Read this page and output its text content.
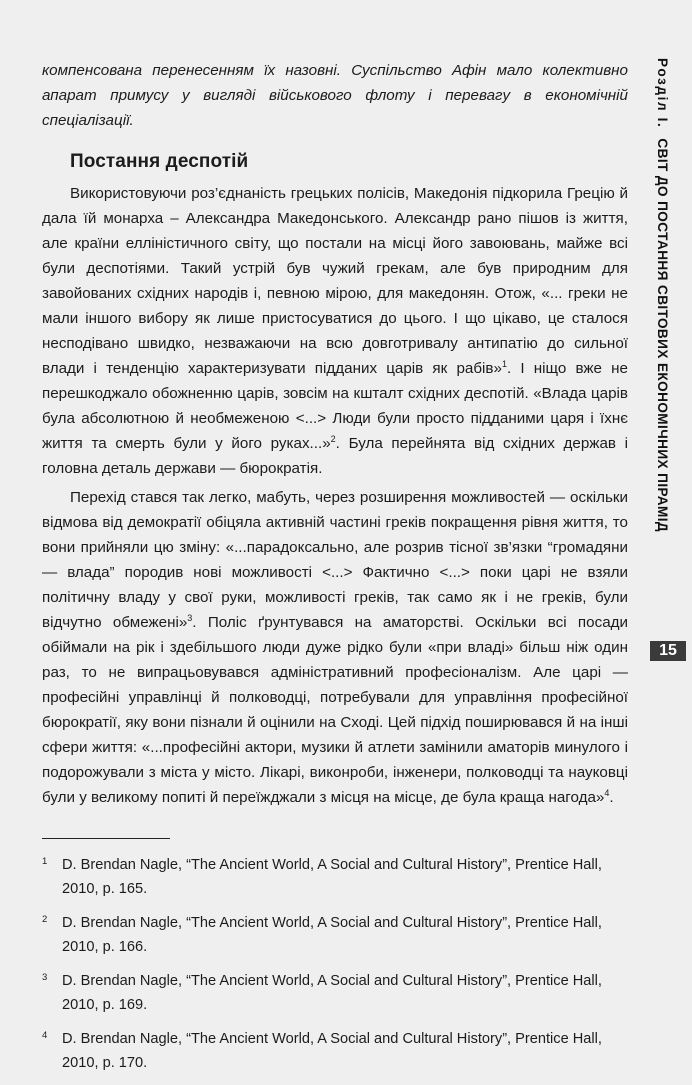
компенсована перенесенням їх назовні. Суспільство Афін мало колективно апарат примусу у вигляді військового флоту і перевагу в економічній спеціалізації.

Постання деспотій

Використовуючи роз’єднаність грецьких полісів, Македонія підкорила Грецію й дала їй монарха – Александра Македонського. Александр рано пішов із життя, але країни елліністичного світу, що постали на місці його завоювань, майже всі були деспотіями. Такий устрій був чужий грекам, але був природним для завойованих східних народів і, певною мірою, для македонян. Отож, «... греки не мали іншого вибору як лише пристосуватися до цього. І що цікаво, це сталося несподівано швидко, незважаючи на всю довготривалу антипатію до сильної влади і тенденцію характеризувати підданих царів як рабів»$^1$. І ніщо вже не перешкоджало обожненню царів, зовсім на кшталт східних деспотій. «Влада царів була абсолютною й необмеженою <...> Люди були просто підданими царя і їхнє життя та смерть були у його руках...»$^2$. Була перейнята від східних держав і головна деталь держави — бюрократія.

Перехід стався так легко, мабуть, через розширення можливостей — оскільки відмова від демократії обіцяла активній частині греків покращення рівня життя, то вони прийняли цю зміну: «...парадоксально, але розрив тісної зв’язки “громадяни — влада” породив нові можливості <...> Фактично <...> поки царі не взяли політичну владу у свої руки, можливості греків, так само як і не греків, були відчутно обмежені»$^3$. Поліс ґрунтувався на аматорстві. Оскільки всі посади обіймали на рік і здебільшого люди дуже рідко були «при владі» більш ніж один раз, то не випрацьовувався адміністративний професіоналізм. Але царі — професійні управлінці й полководці, потребували для управління професійної бюрократії, яку вони пізнали й оцінили на Сході. Цей підхід поширювався й на інші сфери життя: «...професійні актори, музики й атлети замінили аматорів минулого і подорожували з міста у місто. Лікарі, виконроби, інженери, полководці та науковці були у великому попиті й переїжджали з місця на місце, де була краща нагода»$^4$.

1	D. Brendan Nagle, “The Ancient World, A Social and Cultural History”, Prentice Hall, 2010, p. 165.
2	D. Brendan Nagle, “The Ancient World, A Social and Cultural History”, Prentice Hall, 2010, p. 166.
3	D. Brendan Nagle, “The Ancient World, A Social and Cultural History”, Prentice Hall, 2010, p. 169.
4	D. Brendan Nagle, “The Ancient World, A Social and Cultural History”, Prentice Hall, 2010, p. 170.
Розділ I.СВІТ ДО ПОСТАННЯ СВІТОВИХ ЕКОНОМІЧНИХ ПІРАМІД
15
